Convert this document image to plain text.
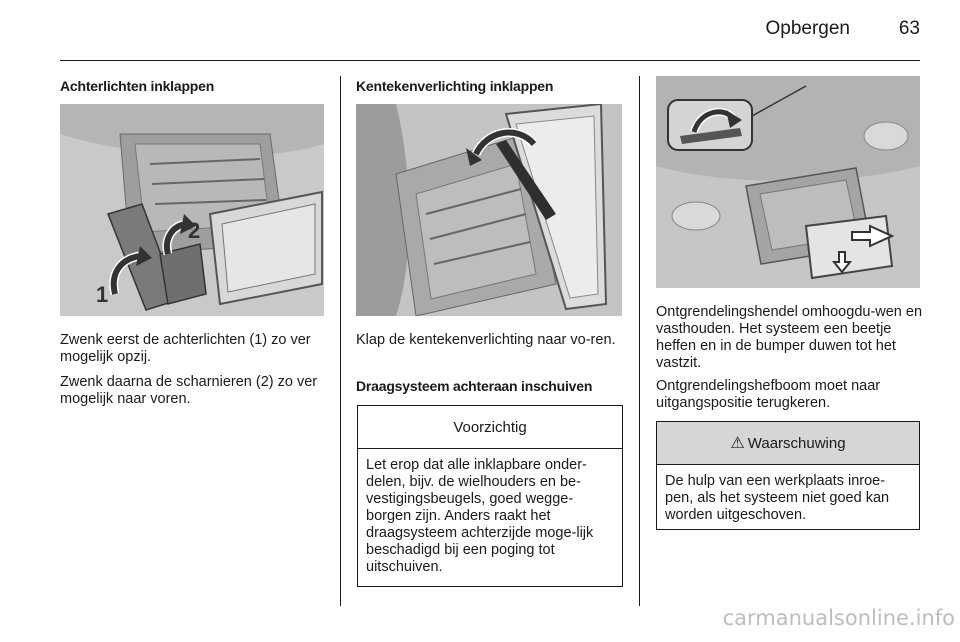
Opbergen	63
Achterlichten inklappen
1
2

Zwenk eerst de achterlichten (1) zo ver mogelijk opzij.

Zwenk daarna de scharnieren (2) zo ver mogelijk naar voren.

Kentekenverlichting inklappen

Klap de kentekenverlichting naar vo-ren.

Draagsysteem achteraan inschuiven
Voorzichtig
Let erop dat alle inklapbare onder-delen, bijv. de wielhouders en be-vestigingsbeugels, goed wegge-borgen zijn. Anders raakt het draagsysteem achterzijde moge-lijk beschadigd bij een poging tot uitschuiven.

Ontgrendelingshendel omhoogdu-wen en vasthouden. Het systeem een beetje heffen en in de bumper duwen tot het vastzit.

Ontgrendelingshefboom moet naar uitgangspositie terugkeren.

⚠ Waarschuwing
De hulp van een werkplaats inroe-pen, als het systeem niet goed kan worden uitgeschoven.
carmanualsonline.info
